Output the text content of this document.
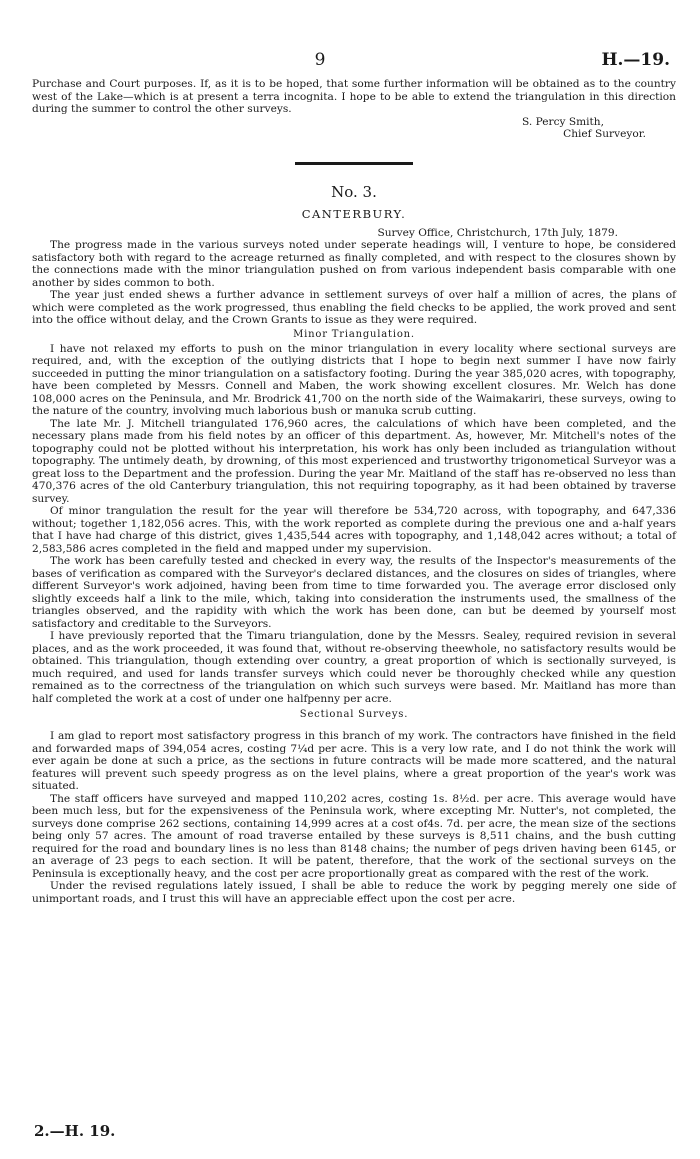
9	H.—19.

Purchase and Court purposes. If, as it is to be hoped, that some further information will be obtained as to the country west of the Lake—which is at present a terra incognita. I hope to be able to extend the triangulation in this direction during the summer to control the other surveys.

S. Percy Smith,
Chief Surveyor.
No. 3.
CANTERBURY.
Survey Office, Christchurch, 17th July, 1879.

The progress made in the various surveys noted under seperate headings will, I venture to hope, be considered satisfactory both with regard to the acreage returned as finally completed, and with respect to the closures shown by the connections made with the minor triangulation pushed on from various independent basis comparable with one another by sides common to both.

The year just ended shews a further advance in settlement surveys of over half a million of acres, the plans of which were completed as the work progressed, thus enabling the field checks to be applied, the work proved and sent into the office without delay, and the Crown Grants to issue as they were required.

Minor Triangulation.

I have not relaxed my efforts to push on the minor triangulation in every locality where sectional surveys are required, and, with the exception of the outlying districts that I hope to begin next summer I have now fairly succeeded in putting the minor triangulation on a satisfactory footing. During the year 385,020 acres, with topography, have been completed by Messrs. Connell and Maben, the work showing excellent closures. Mr. Welch has done 108,000 acres on the Peninsula, and Mr. Brodrick 41,700 on the north side of the Waimakariri, these surveys, owing to the nature of the country, involving much laborious bush or manuka scrub cutting.

The late Mr. J. Mitchell triangulated 176,960 acres, the calculations of which have been completed, and the necessary plans made from his field notes by an officer of this department. As, however, Mr. Mitchell's notes of the topography could not be plotted without his interpretation, his work has only been included as triangulation without topography. The untimely death, by drowning, of this most experienced and trustworthy trigonometical Surveyor was a great loss to the Department and the profession. During the year Mr. Maitland of the staff has re-observed no less than 470,376 acres of the old Canterbury triangulation, this not requiring topography, as it had been obtained by traverse survey.

Of minor trangulation the result for the year will therefore be 534,720 across, with topography, and 647,336 without; together 1,182,056 acres. This, with the work reported as complete during the previous one and a-half years that I have had charge of this district, gives 1,435,544 acres with topography, and 1,148,042 acres without; a total of 2,583,586 acres completed in the field and mapped under my supervision.

The work has been carefully tested and checked in every way, the results of the Inspector's measurements of the bases of verification as compared with the Surveyor's declared distances, and the closures on sides of triangles, where different Surveyor's work adjoined, having been from time to time forwarded you. The average error disclosed only slightly exceeds half a link to the mile, which, taking into consideration the instruments used, the smallness of the triangles observed, and the rapidity with which the work has been done, can but be deemed by yourself most satisfactory and creditable to the Surveyors.

I have previously reported that the Timaru triangulation, done by the Messrs. Sealey, required revision in several places, and as the work proceeded, it was found that, without re-observing theewhole, no satisfactory results would be obtained. This triangulation, though extending over country, a great proportion of which is sectionally surveyed, is much required, and used for lands transfer surveys which could never be thoroughly checked while any question remained as to the correctness of the triangulation on which such surveys were based. Mr. Maitland has more than half completed the work at a cost of under one halfpenny per acre.

Sectional Surveys.

I am glad to report most satisfactory progress in this branch of my work. The contractors have finished in the field and forwarded maps of 394,054 acres, costing 7¼d per acre. This is a very low rate, and I do not think the work will ever again be done at such a price, as the sections in future contracts will be made more scattered, and the natural features will prevent such speedy progress as on the level plains, where a great proportion of the year's work was situated.

The staff officers have surveyed and mapped 110,202 acres, costing 1s. 8½d. per acre. This average would have been much less, but for the expensiveness of the Peninsula work, where excepting Mr. Nutter's, not completed, the surveys done comprise 262 sections, containing 14,999 acres at a cost of4s. 7d. per acre, the mean size of the sections being only 57 acres. The amount of road traverse entailed by these surveys is 8,511 chains, and the bush cutting required for the road and boundary lines is no less than 8148 chains; the number of pegs driven having been 6145, or an average of 23 pegs to each section. It will be patent, therefore, that the work of the sectional surveys on the Peninsula is exceptionally heavy, and the cost per acre proportionally great as compared with the rest of the work.

Under the revised regulations lately issued, I shall be able to reduce the work by pegging merely one side of unimportant roads, and I trust this will have an appreciable effect upon the cost per acre.

2.—H. 19.
